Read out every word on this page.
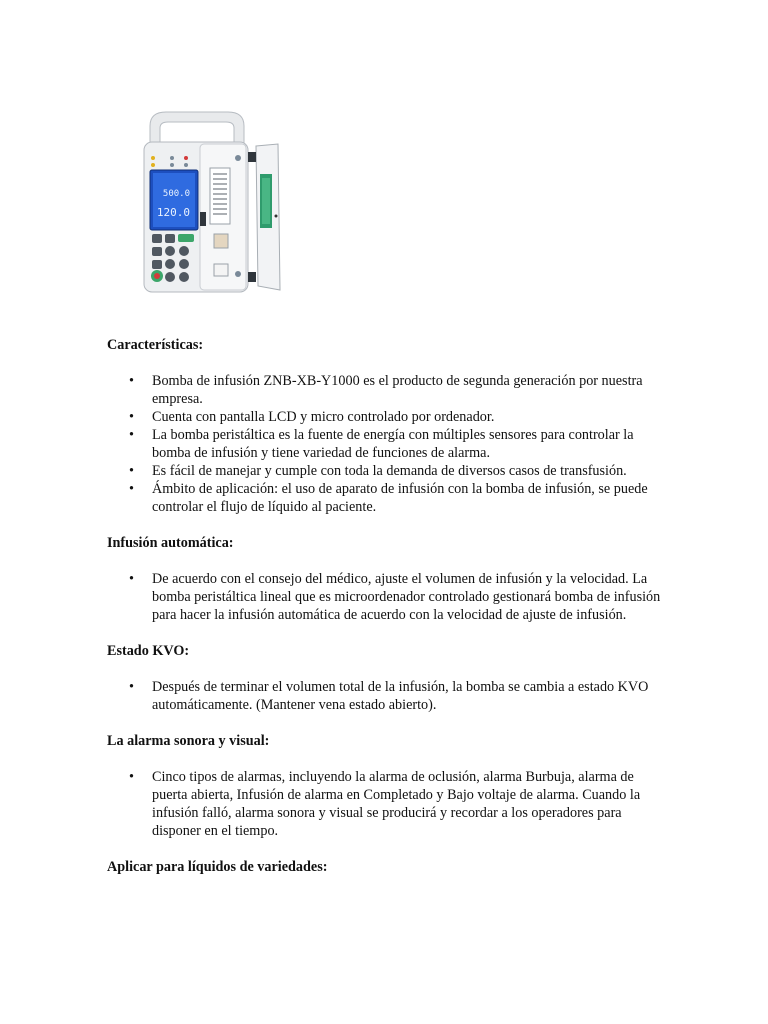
500.0
120.0
Características:
• Bomba de infusión ZNB-XB-Y1000 es el producto de segunda generación por nuestra empresa.
• Cuenta con pantalla LCD y micro controlado por ordenador.
• La bomba peristáltica es la fuente de energía con múltiples sensores para controlar la bomba de infusión y tiene variedad de funciones de alarma.
• Es fácil de manejar y cumple con toda la demanda de diversos casos de transfusión.
• Ámbito de aplicación: el uso de aparato de infusión con la bomba de infusión, se puede controlar el flujo de líquido al paciente.
Infusión automática:
• De acuerdo con el consejo del médico, ajuste el volumen de infusión y la velocidad. La bomba peristáltica lineal que es microordenador controlado gestionará bomba de infusión para hacer la infusión automática de acuerdo con la velocidad de ajuste de infusión.
Estado KVO:
• Después de terminar el volumen total de la infusión, la bomba se cambia a estado KVO automáticamente. (Mantener vena estado abierto).
La alarma sonora y visual:
• Cinco tipos de alarmas, incluyendo la alarma de oclusión, alarma Burbuja, alarma de puerta abierta, Infusión de alarma en Completado y Bajo voltaje de alarma. Cuando la infusión falló, alarma sonora y visual se producirá y recordar a los operadores para disponer en el tiempo.
Aplicar para líquidos de variedades:
